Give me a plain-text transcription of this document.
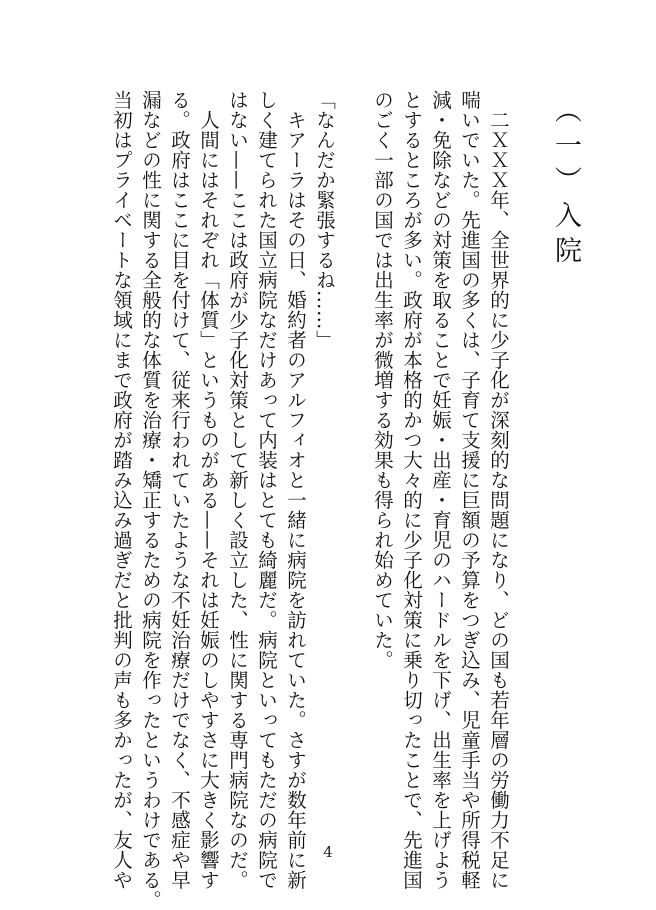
（一）入院
　二ＸＸＸ年、全世界的に少子化が深刻的な問題になり、どの国も若年層の労働力不足に
喘いでいた。先進国の多くは、子育て支援に巨額の予算をつぎ込み、児童手当や所得税軽
減・免除などの対策を取ることで妊娠・出産・育児のハードルを下げ、出生率を上げよう
とするところが多い。政府が本格的かつ大々的に少子化対策に乗り切ったことで、先進国
のごく一部の国では出生率が微増する効果も得られ始めていた。
「なんだか緊張するね……」
　キアーラはその日、婚約者のアルフィオと一緒に病院を訪れていた。さすが数年前に新
しく建てられた国立病院なだけあって内装はとても綺麗だ。病院といってもただの病院で
はない——ここは政府が少子化対策として新しく設立した、性に関する専門病院なのだ。
　人間にはそれぞれ「体質」というものがある——それは妊娠のしやすさに大きく影響す
る。政府はここに目を付けて、従来行われていたような不妊治療だけでなく、不感症や早
漏などの性に関する全般的な体質を治療・矯正するための病院を作ったというわけである。
当初はプライベートな領域にまで政府が踏み込み過ぎだと批判の声も多かったが、友人や	4
